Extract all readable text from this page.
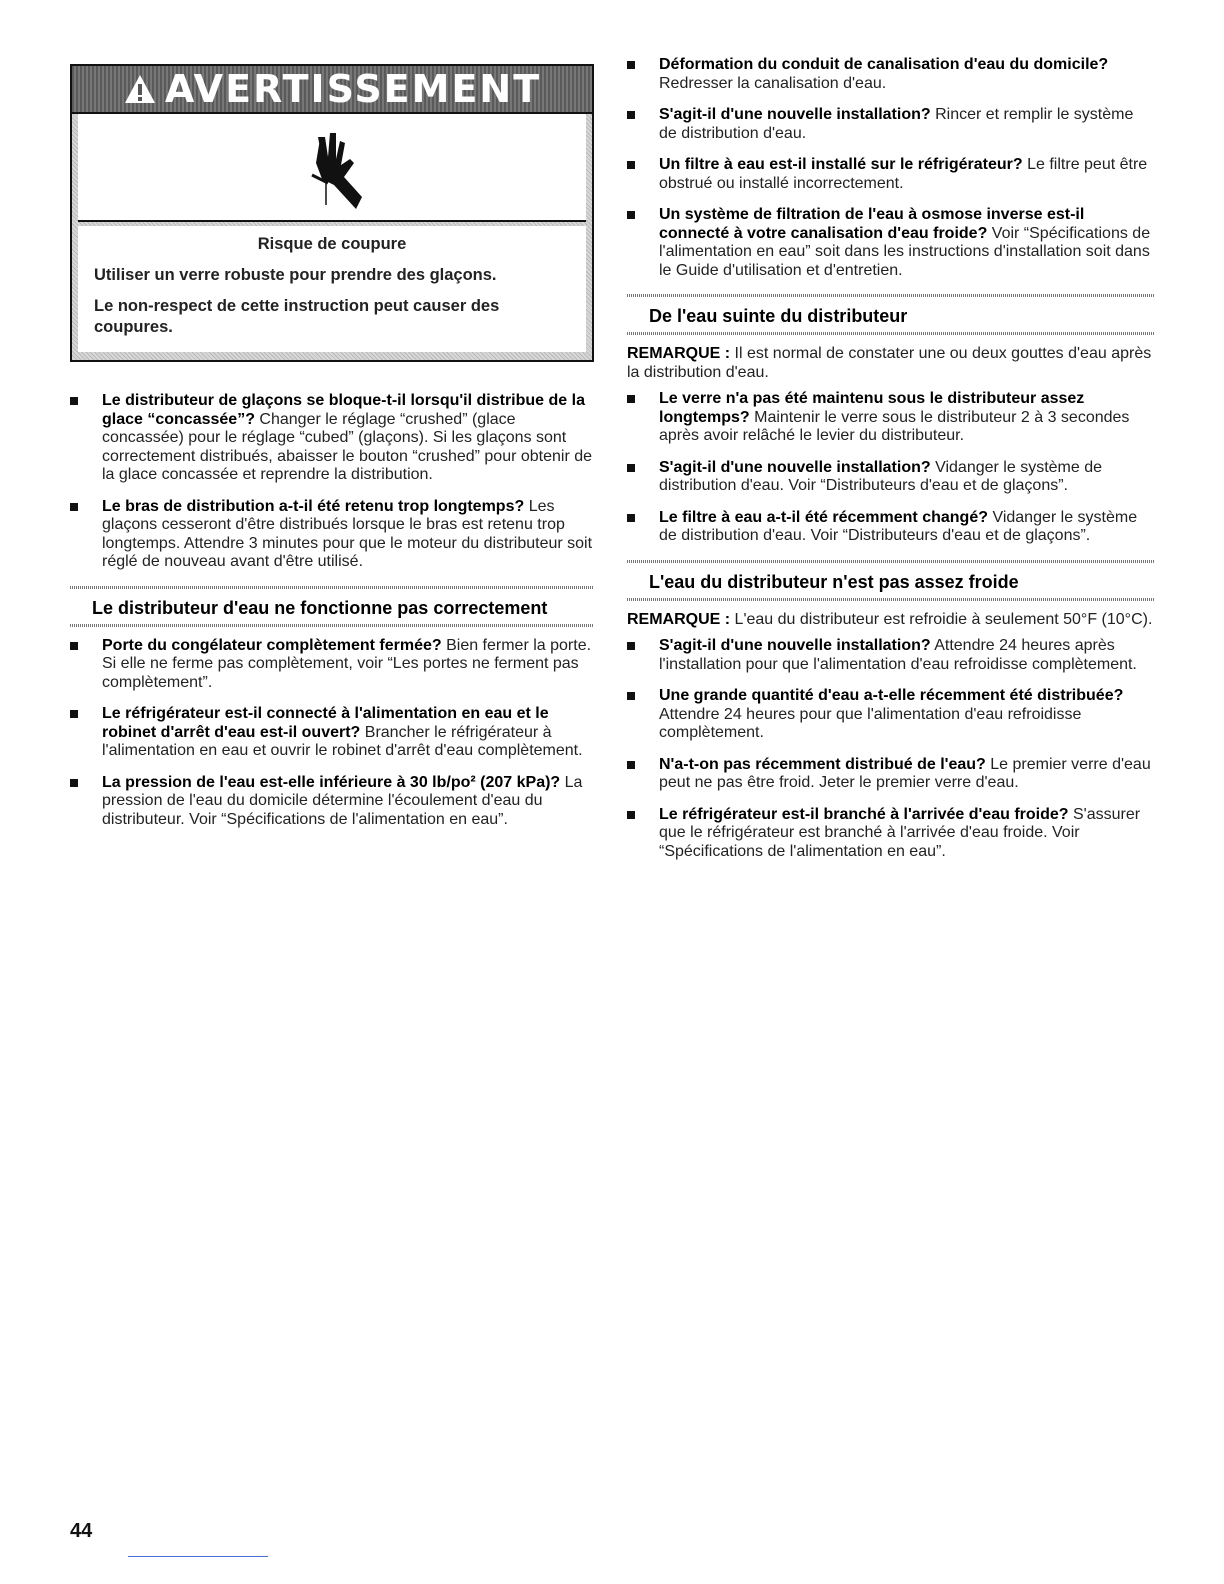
AVERTISSEMENT
Risque de coupure

Utiliser un verre robuste pour prendre des glaçons.

Le non-respect de cette instruction peut causer des coupures.

Le distributeur de glaçons se bloque-t-il lorsqu'il distribue de la glace “concassée”? Changer le réglage “crushed” (glace concassée) pour le réglage “cubed” (glaçons). Si les glaçons sont correctement distribués, abaisser le bouton “crushed” pour obtenir de la glace concassée et reprendre la distribution.
Le bras de distribution a-t-il été retenu trop longtemps? Les glaçons cesseront d'être distribués lorsque le bras est retenu trop longtemps. Attendre 3 minutes pour que le moteur du distributeur soit réglé de nouveau avant d'être utilisé.
Le distributeur d'eau ne fonctionne pas correctement
Porte du congélateur complètement fermée? Bien fermer la porte. Si elle ne ferme pas complètement, voir “Les portes ne ferment pas complètement”.
Le réfrigérateur est-il connecté à l'alimentation en eau et le robinet d'arrêt d'eau est-il ouvert? Brancher le réfrigérateur à l'alimentation en eau et ouvrir le robinet d'arrêt d'eau complètement.
La pression de l'eau est-elle inférieure à 30 lb/po² (207 kPa)? La pression de l'eau du domicile détermine l'écoulement d'eau du distributeur. Voir “Spécifications de l'alimentation en eau”.
Déformation du conduit de canalisation d'eau du domicile? Redresser la canalisation d'eau.
S'agit-il d'une nouvelle installation? Rincer et remplir le système de distribution d'eau.
Un filtre à eau est-il installé sur le réfrigérateur? Le filtre peut être obstrué ou installé incorrectement.
Un système de filtration de l'eau à osmose inverse est-il connecté à votre canalisation d'eau froide? Voir “Spécifications de l'alimentation en eau” soit dans les instructions d'installation soit dans le Guide d'utilisation et d'entretien.
De l'eau suinte du distributeur
REMARQUE : Il est normal de constater une ou deux gouttes d'eau après la distribution d'eau.
Le verre n'a pas été maintenu sous le distributeur assez longtemps? Maintenir le verre sous le distributeur 2 à 3 secondes après avoir relâché le levier du distributeur.
S'agit-il d'une nouvelle installation? Vidanger le système de distribution d'eau. Voir “Distributeurs d'eau et de glaçons”.
Le filtre à eau a-t-il été récemment changé? Vidanger le système de distribution d'eau. Voir “Distributeurs d'eau et de glaçons”.
L'eau du distributeur n'est pas assez froide
REMARQUE : L'eau du distributeur est refroidie à seulement 50°F (10°C).
S'agit-il d'une nouvelle installation? Attendre 24 heures après l'installation pour que l'alimentation d'eau refroidisse complètement.
Une grande quantité d'eau a-t-elle récemment été distribuée? Attendre 24 heures pour que l'alimentation d'eau refroidisse complètement.
N'a-t-on pas récemment distribué de l'eau? Le premier verre d'eau peut ne pas être froid. Jeter le premier verre d'eau.
Le réfrigérateur est-il branché à l'arrivée d'eau froide? S'assurer que le réfrigérateur est branché à l'arrivée d'eau froide. Voir “Spécifications de l'alimentation en eau”.
44
